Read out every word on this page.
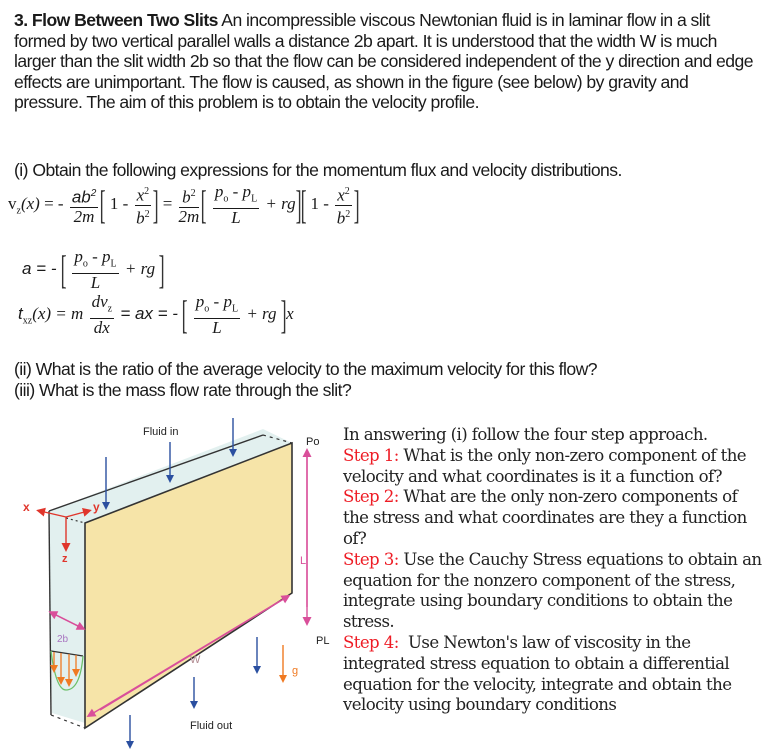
3. Flow Between Two Slits An incompressible viscous Newtonian fluid is in laminar flow in a slit formed by two vertical parallel walls a distance 2b apart. It is understood that the width W is much larger than the slit width 2b so that the flow can be considered independent of the y direction and edge effects are unimportant. The flow is caused, as shown in the figure (see below) by gravity and pressure. The aim of this problem is to obtain the velocity profile.
(i) Obtain the following expressions for the momentum flux and velocity distributions.
$v_z(x)$ = - $\frac{ab^2}{2m}$ [ $1 - \frac{x^2}{b^2}$ ] = $\frac{b^2}{2m}$ [ $\frac{p_o - p_L}{L} + rg$][ $1 - \frac{x^2}{b^2}$ ]
a = - [ $\frac{p_o - p_L}{L}$ + rg ]
$t_{xz}(x) = m \frac{dv_z}{dx}$ = ax = - [ $\frac{p_o - p_L}{L}$ + rg ]x
(ii) What is the ratio of the average velocity to the maximum velocity for this flow?
(iii) What is the mass flow rate through the slit?
Fluid in
x	y
z	L
Po
PL
2b
W
Fluid out
g
In answering (i) follow the four step approach.
Step 1: What is the only non-zero component of the velocity and what coordinates is it a function of?
Step 2: What are the only non-zero components of the stress and what coordinates are they a function of?
Step 3: Use the Cauchy Stress equations to obtain an equation for the nonzero component of the stress, integrate using boundary conditions to obtain the stress.
Step 4:  Use Newton's law of viscosity in the integrated stress equation to obtain a differential equation for the velocity, integrate and obtain the velocity using boundary conditions
